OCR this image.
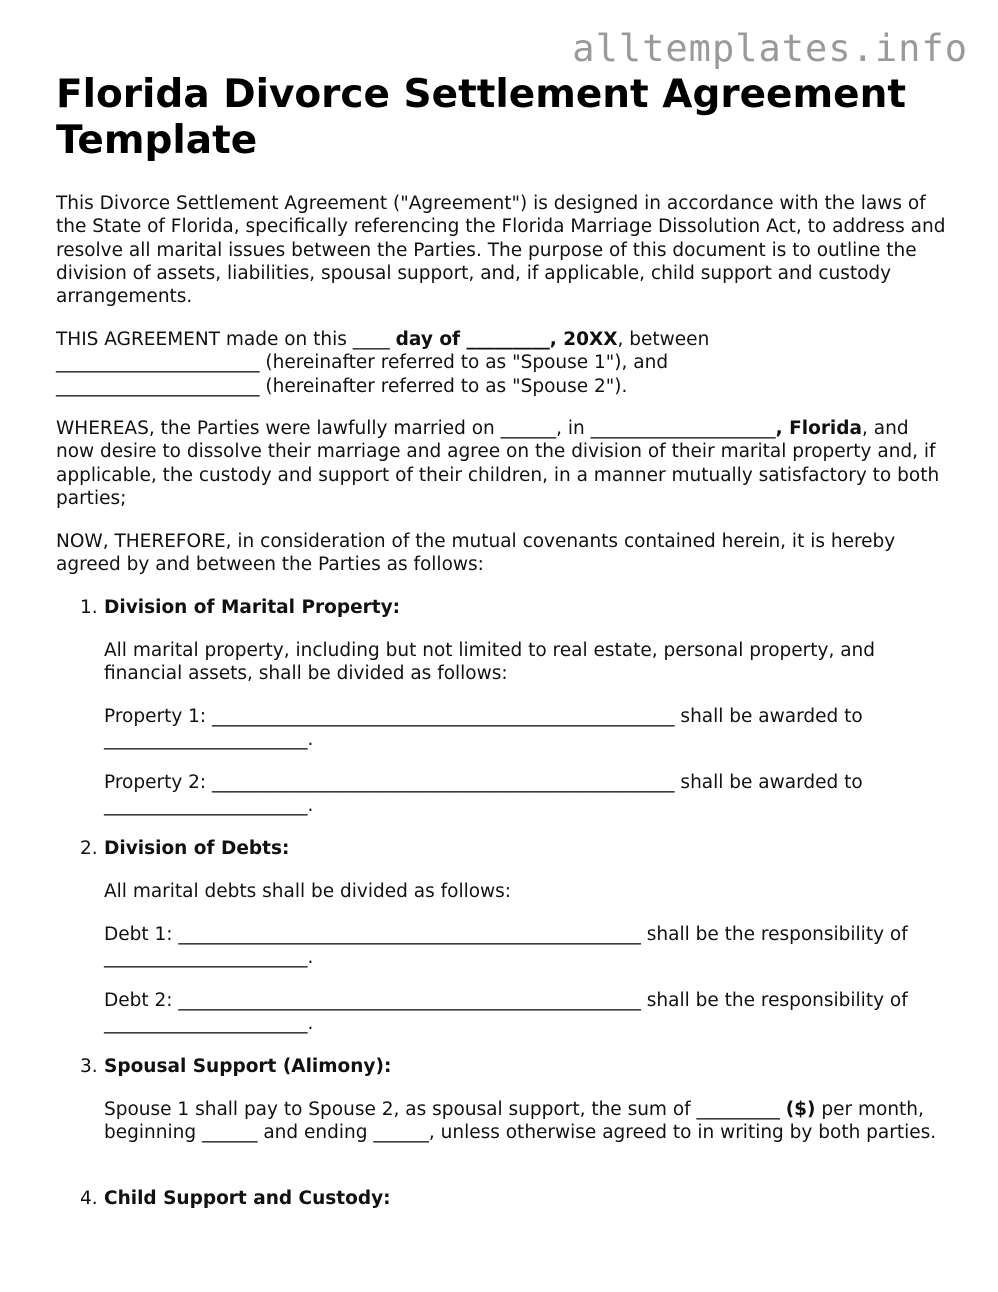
alltemplates.info
Florida Divorce Settlement Agreement Template

This Divorce Settlement Agreement ("Agreement") is designed in accordance with the laws of the State of Florida, specifically referencing the Florida Marriage Dissolution Act, to address and resolve all marital issues between the Parties. The purpose of this document is to outline the division of assets, liabilities, spousal support, and, if applicable, child support and custody arrangements.

THIS AGREEMENT made on this ____ day of _________, 20XX, between
______________________ (hereinafter referred to as "Spouse 1"), and
______________________ (hereinafter referred to as "Spouse 2").
WHEREAS, the Parties were lawfully married on ______, in ____________________, Florida, and now desire to dissolve their marriage and agree on the division of their marital property and, if applicable, the custody and support of their children, in a manner mutually satisfactory to both parties;

NOW, THEREFORE, in consideration of the mutual covenants contained herein, it is hereby agreed by and between the Parties as follows:

1. Division of Marital Property:
All marital property, including but not limited to real estate, personal property, and financial assets, shall be divided as follows:
Property 1: __________________________________________________ shall be awarded to ______________________.
Property 2: __________________________________________________ shall be awarded to ______________________.
2. Division of Debts:
All marital debts shall be divided as follows:
Debt 1: __________________________________________________ shall be the responsibility of ______________________.
Debt 2: __________________________________________________ shall be the responsibility of ______________________.
3. Spousal Support (Alimony):
Spouse 1 shall pay to Spouse 2, as spousal support, the sum of _________ ($) per month, beginning ______ and ending ______, unless otherwise agreed to in writing by both parties.
4. Child Support and Custody:
